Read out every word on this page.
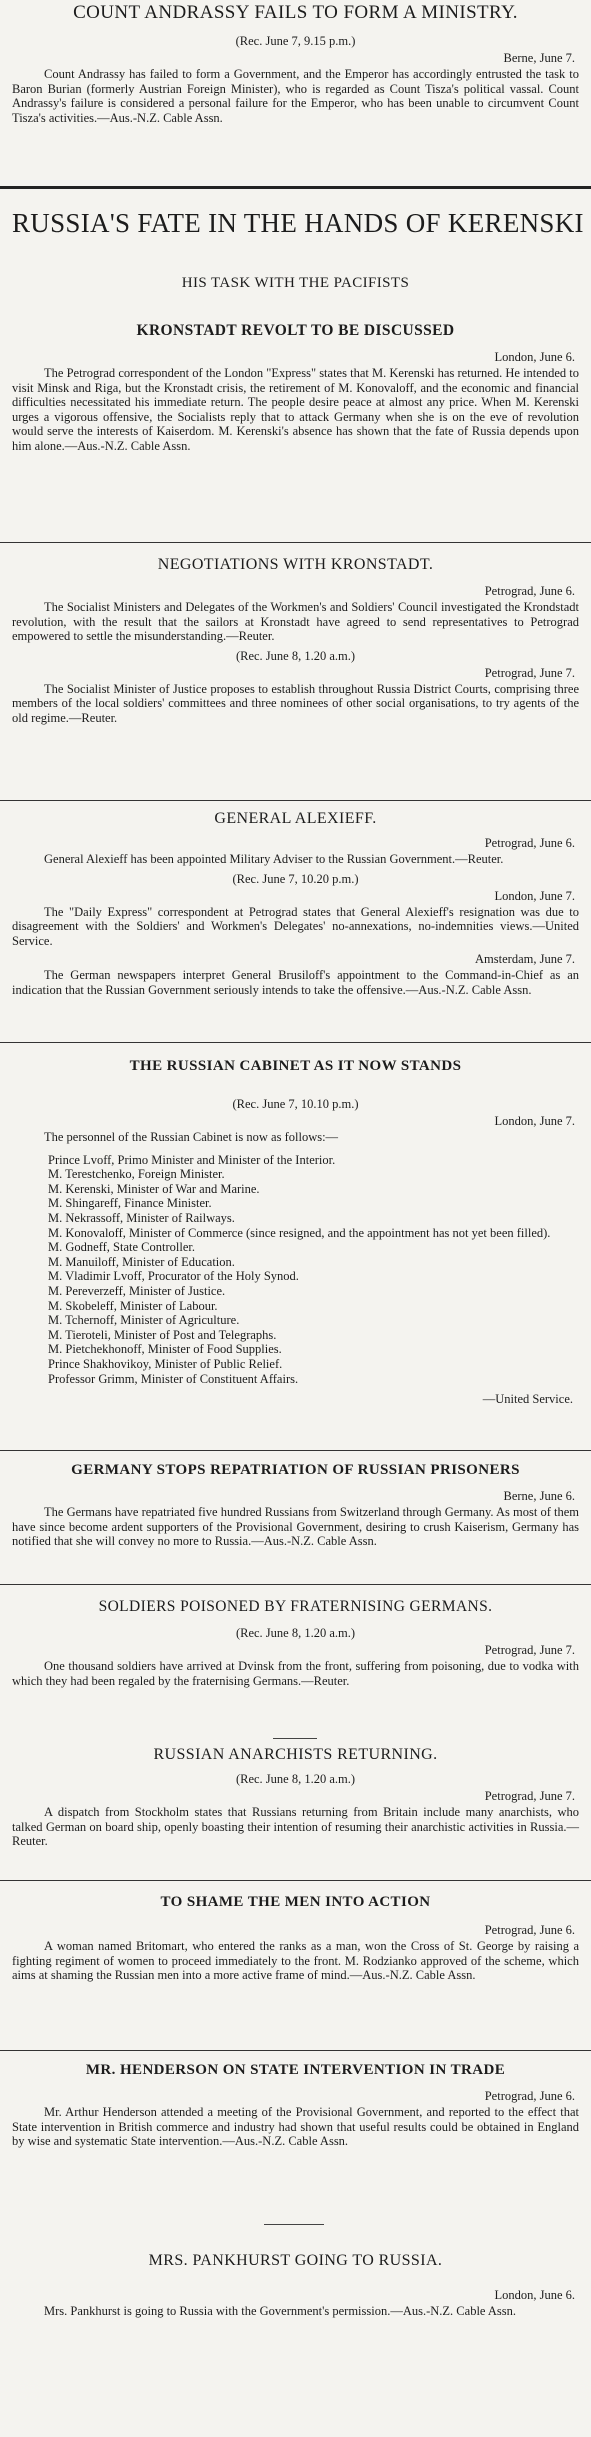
COUNT ANDRASSY FAILS TO FORM A MINISTRY.
(Rec. June 7, 9.15 p.m.)
Berne, June 7.

Count Andrassy has failed to form a Government, and the Emperor has accordingly entrusted the task to Baron Burian (formerly Austrian Foreign Minister), who is regarded as Count Tisza's political vassal. Count Andrassy's failure is considered a personal failure for the Emperor, who has been unable to circumvent Count Tisza's activities.—Aus.-N.Z. Cable Assn.

RUSSIA'S FATE IN THE HANDS OF KERENSKI
HIS TASK WITH THE PACIFISTS
KRONSTADT REVOLT TO BE DISCUSSED
London, June 6.

The Petrograd correspondent of the London "Express" states that M. Kerenski has returned. He intended to visit Minsk and Riga, but the Kronstadt crisis, the retirement of M. Konovaloff, and the economic and financial difficulties necessitated his immediate return. The people desire peace at almost any price. When M. Kerenski urges a vigorous offensive, the Socialists reply that to attack Germany when she is on the eve of revolution would serve the interests of Kaiserdom. M. Kerenski's absence has shown that the fate of Russia depends upon him alone.—Aus.-N.Z. Cable Assn.

NEGOTIATIONS WITH KRONSTADT.
Petrograd, June 6.

The Socialist Ministers and Delegates of the Workmen's and Soldiers' Council investigated the Krondstadt revolution, with the result that the sailors at Kronstadt have agreed to send representatives to Petrograd empowered to settle the misunderstanding.—Reuter.

(Rec. June 8, 1.20 a.m.)
Petrograd, June 7.

The Socialist Minister of Justice proposes to establish throughout Russia District Courts, comprising three members of the local soldiers' committees and three nominees of other social organisations, to try agents of the old regime.—Reuter.

GENERAL ALEXIEFF.
Petrograd, June 6.

General Alexieff has been appointed Military Adviser to the Russian Government.—Reuter.

(Rec. June 7, 10.20 p.m.)
London, June 7.

The "Daily Express" correspondent at Petrograd states that General Alexieff's resignation was due to disagreement with the Soldiers' and Workmen's Delegates' no-annexations, no-indemnities views.—United Service.

Amsterdam, June 7.

The German newspapers interpret General Brusiloff's appointment to the Command-in-Chief as an indication that the Russian Government seriously intends to take the offensive.—Aus.-N.Z. Cable Assn.

THE RUSSIAN CABINET AS IT NOW STANDS
(Rec. June 7, 10.10 p.m.)
London, June 7.

The personnel of the Russian Cabinet is now as follows:—

Prince Lvoff, Primo Minister and Minister of the Interior.
M. Terestchenko, Foreign Minister.
M. Kerenski, Minister of War and Marine.
M. Shingareff, Finance Minister.
M. Nekrassoff, Minister of Railways.
M. Konovaloff, Minister of Commerce (since resigned, and the appointment has not yet been filled).
M. Godneff, State Controller.
M. Manuiloff, Minister of Education.
M. Vladimir Lvoff, Procurator of the Holy Synod.
M. Pereverzeff, Minister of Justice.
M. Skobeleff, Minister of Labour.
M. Tchernoff, Minister of Agriculture.
M. Tieroteli, Minister of Post and Telegraphs.
M. Pietchekhonoff, Minister of Food Supplies.
Prince Shakhovikoy, Minister of Public Relief.
Professor Grimm, Minister of Constituent Affairs.
—United Service.
GERMANY STOPS REPATRIATION OF RUSSIAN PRISONERS
Berne, June 6.

The Germans have repatriated five hundred Russians from Switzerland through Germany. As most of them have since become ardent supporters of the Provisional Government, desiring to crush Kaiserism, Germany has notified that she will convey no more to Russia.—Aus.-N.Z. Cable Assn.

SOLDIERS POISONED BY FRATERNISING GERMANS.
(Rec. June 8, 1.20 a.m.)
Petrograd, June 7.

One thousand soldiers have arrived at Dvinsk from the front, suffering from poisoning, due to vodka with which they had been regaled by the fraternising Germans.—Reuter.

RUSSIAN ANARCHISTS RETURNING.
(Rec. June 8, 1.20 a.m.)
Petrograd, June 7.

A dispatch from Stockholm states that Russians returning from Britain include many anarchists, who talked German on board ship, openly boasting their intention of resuming their anarchistic activities in Russia.—Reuter.

TO SHAME THE MEN INTO ACTION
Petrograd, June 6.

A woman named Britomart, who entered the ranks as a man, won the Cross of St. George by raising a fighting regiment of women to proceed immediately to the front. M. Rodzianko approved of the scheme, which aims at shaming the Russian men into a more active frame of mind.—Aus.-N.Z. Cable Assn.

MR. HENDERSON ON STATE INTERVENTION IN TRADE
Petrograd, June 6.

Mr. Arthur Henderson attended a meeting of the Provisional Government, and reported to the effect that State intervention in British commerce and industry had shown that useful results could be obtained in England by wise and systematic State intervention.—Aus.-N.Z. Cable Assn.

MRS. PANKHURST GOING TO RUSSIA.
London, June 6.

Mrs. Pankhurst is going to Russia with the Government's permission.—Aus.-N.Z. Cable Assn.
